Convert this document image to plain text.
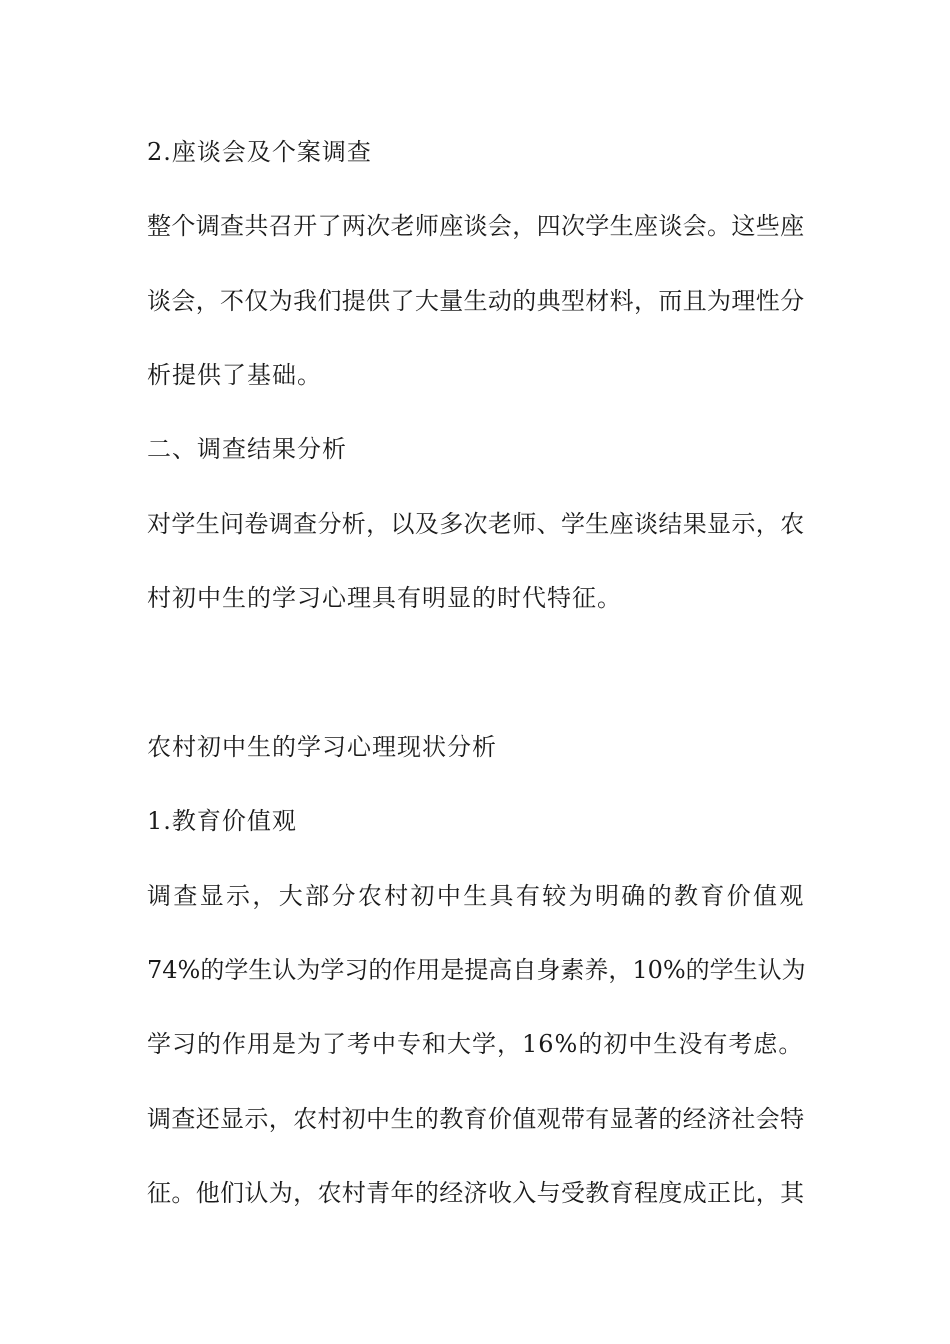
2.座谈会及个案调查
整个调查共召开了两次老师座谈会，四次学生座谈会。这些座
谈会，不仅为我们提供了大量生动的典型材料，而且为理性分
析提供了基础。
二、调查结果分析
对学生问卷调查分析，以及多次老师、学生座谈结果显示，农
村初中生的学习心理具有明显的时代特征。
农村初中生的学习心理现状分析
1.教育价值观
调查显示，大部分农村初中生具有较为明确的教育价值观
74%的学生认为学习的作用是提高自身素养，10%的学生认为
学习的作用是为了考中专和大学，16%的初中生没有考虑。
调查还显示，农村初中生的教育价值观带有显著的经济社会特
征。他们认为，农村青年的经济收入与受教育程度成正比，其
